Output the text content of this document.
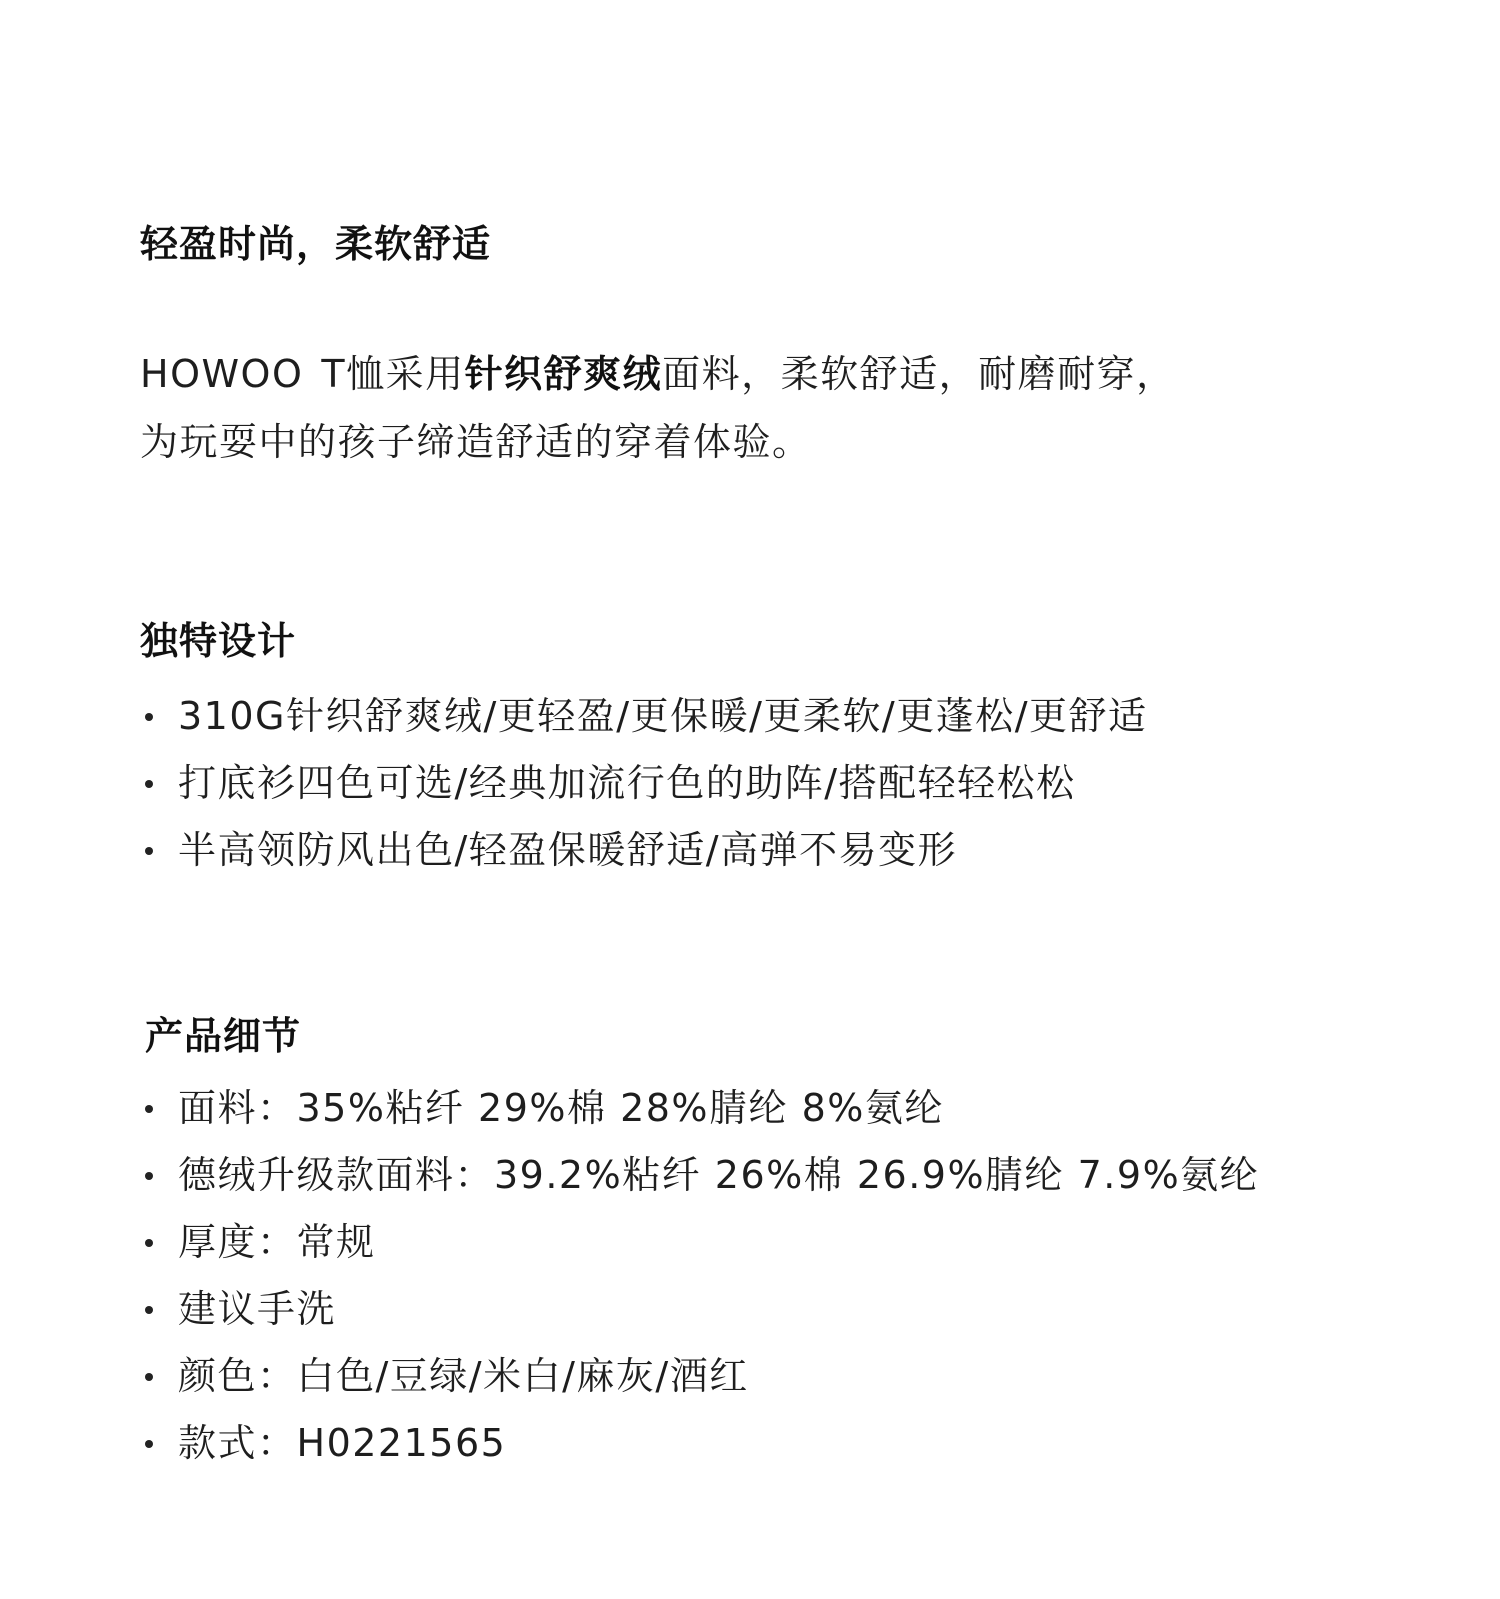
轻盈时尚，柔软舒适
HOWOO T恤采用针织舒爽绒面料，柔软舒适，耐磨耐穿，
为玩耍中的孩子缔造舒适的穿着体验。
独特设计
310G针织舒爽绒/更轻盈/更保暖/更柔软/更蓬松/更舒适
打底衫四色可选/经典加流行色的助阵/搭配轻轻松松
半高领防风出色/轻盈保暖舒适/高弹不易变形
产品细节
面料：35%粘纤 29%棉 28%腈纶 8%氨纶
德绒升级款面料：39.2%粘纤 26%棉 26.9%腈纶 7.9%氨纶
厚度：常规
建议手洗
颜色：白色/豆绿/米白/麻灰/酒红
款式：H0221565
